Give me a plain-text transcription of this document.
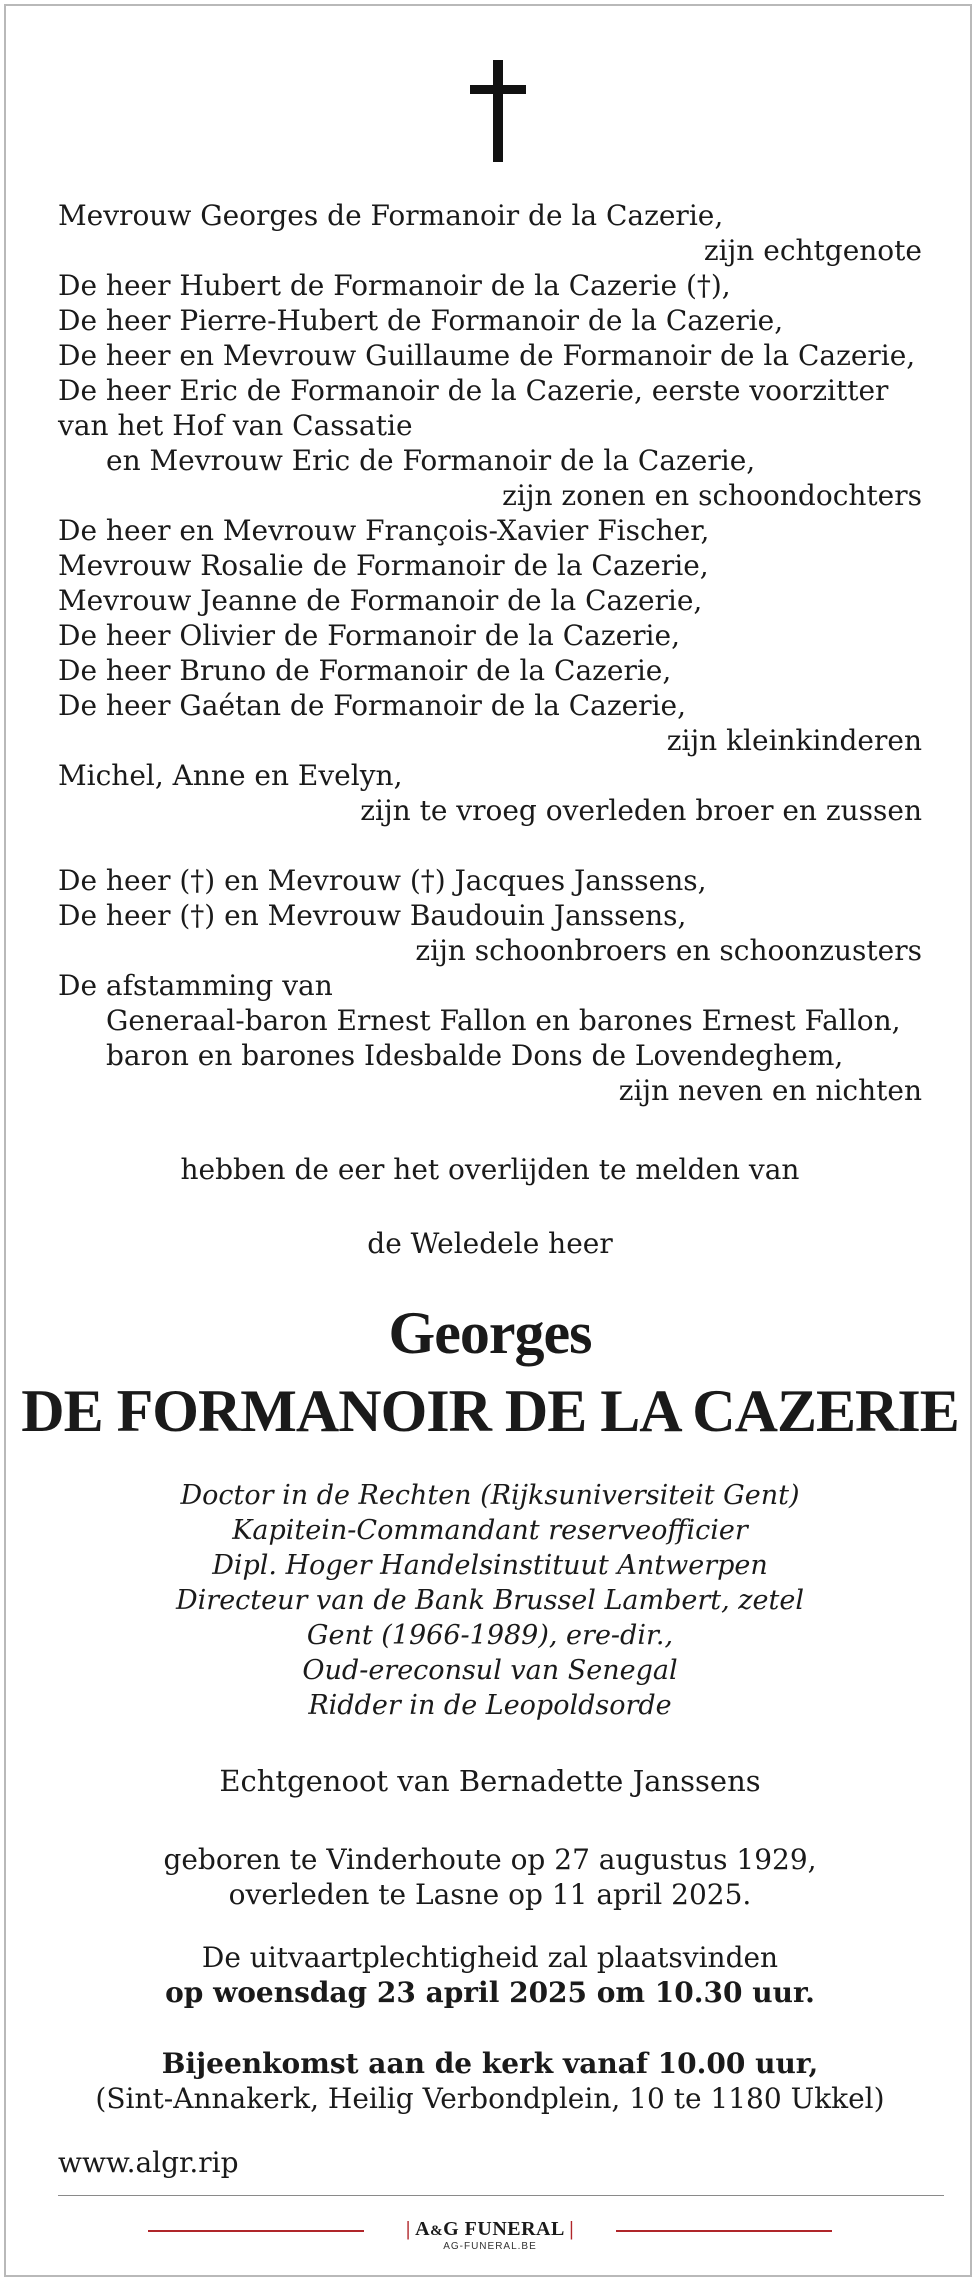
Mevrouw Georges de Formanoir de la Cazerie,
zijn echtgenote
De heer Hubert de Formanoir de la Cazerie (†),
De heer Pierre-Hubert de Formanoir de la Cazerie,
De heer en Mevrouw Guillaume de Formanoir de la Cazerie,
De heer Eric de Formanoir de la Cazerie, eerste voorzitter
van het Hof van Cassatie
en Mevrouw Eric de Formanoir de la Cazerie,
zijn zonen en schoondochters
De heer en Mevrouw François-Xavier Fischer,
Mevrouw Rosalie de Formanoir de la Cazerie,
Mevrouw Jeanne de Formanoir de la Cazerie,
De heer Olivier de Formanoir de la Cazerie,
De heer Bruno de Formanoir de la Cazerie,
De heer Gaétan de Formanoir de la Cazerie,
zijn kleinkinderen
Michel, Anne en Evelyn,
zijn te vroeg overleden broer en zussen
De heer (†) en Mevrouw (†) Jacques Janssens,
De heer (†) en Mevrouw Baudouin Janssens,
zijn schoonbroers en schoonzusters
De afstamming van
Generaal-baron Ernest Fallon en barones Ernest Fallon,
baron en barones Idesbalde Dons de Lovendeghem,
zijn neven en nichten
hebben de eer het overlijden te melden van
de Weledele heer
Georges
DE FORMANOIR DE LA CAZERIE
Doctor in de Rechten (Rijksuniversiteit Gent)
Kapitein-Commandant reserveofficier
Dipl. Hoger Handelsinstituut Antwerpen
Directeur van de Bank Brussel Lambert, zetel
Gent (1966-1989), ere-dir.,
Oud-ereconsul van Senegal
Ridder in de Leopoldsorde
Echtgenoot van Bernadette Janssens
geboren te Vinderhoute op 27 augustus 1929,
overleden te Lasne op 11 april 2025.
De uitvaartplechtigheid zal plaatsvinden
op woensdag 23 april 2025 om 10.30 uur.
Bijeenkomst aan de kerk vanaf 10.00 uur,
(Sint-Annakerk, Heilig Verbondplein, 10 te 1180 Ukkel)
www.algr.rip
| A&G FUNERAL |
AG-FUNERAL.BE
